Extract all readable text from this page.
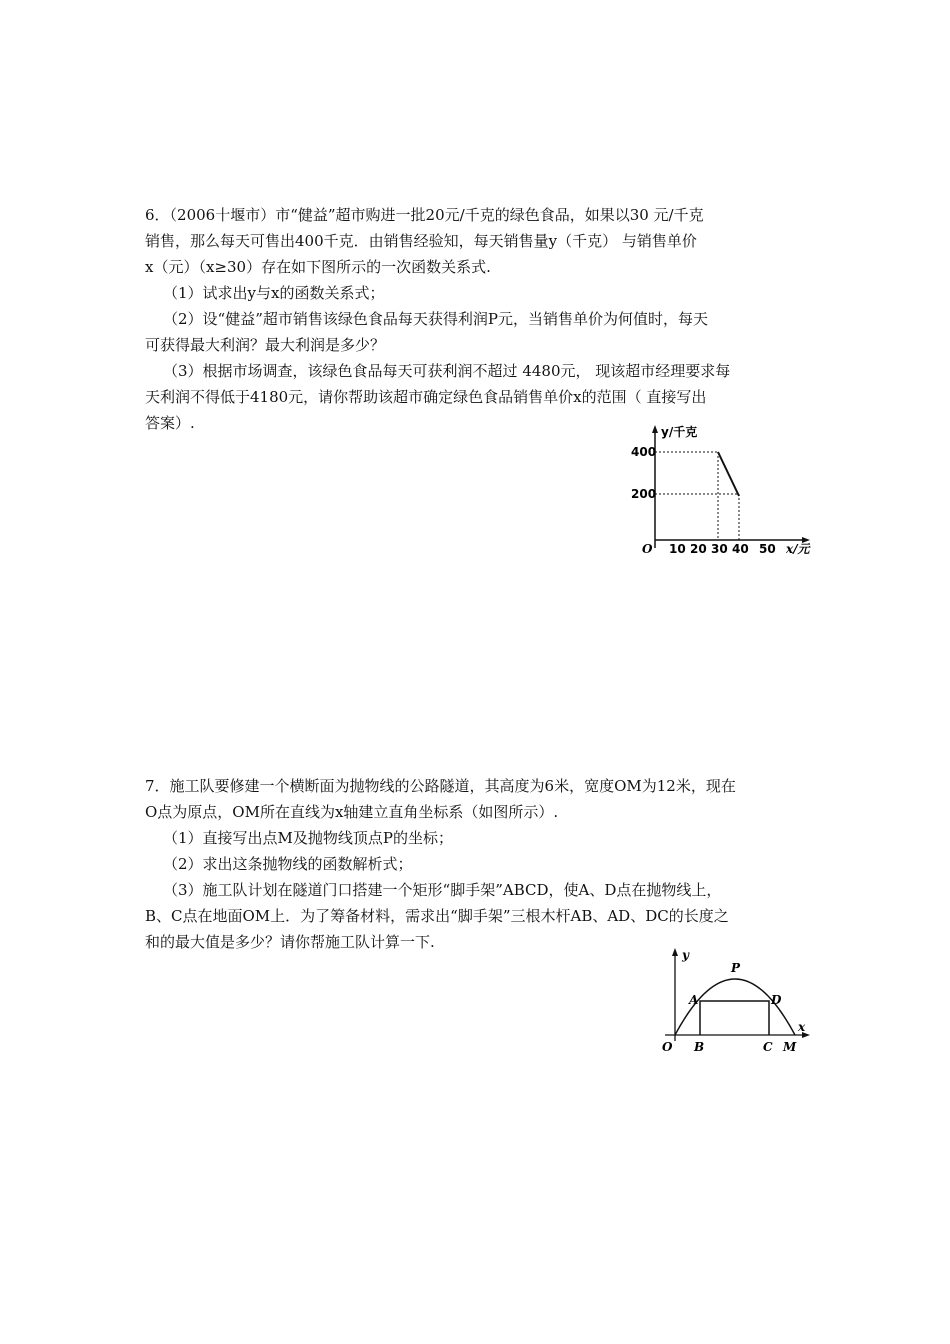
6．（2006十堰市）市“健益”超市购进一批20元/千克的绿色食品，如果以30 元/千克
销售，那么每天可售出400千克．由销售经验知，每天销售量y（千克） 与销售单价
x（元）（x≥30）存在如下图所示的一次函数关系式.
（1）试求出y与x的函数关系式；
（2）设“健益”超市销售该绿色食品每天获得利润P元，当销售单价为何值时，每天
可获得最大利润？最大利润是多少？
（3）根据市场调查，该绿色食品每天可获利润不超过 4480元， 现该超市经理要求每
天利润不得低于4180元，请你帮助该超市确定绿色食品销售单价x的范围（ 直接写出
答案）.	y/千克
x/元
O
400
200
10 20 30 40 50
7．施工队要修建一个横断面为抛物线的公路隧道，其高度为6米，宽度OM为12米，现在
O点为原点，OM所在直线为x轴建立直角坐标系（如图所示）.
（1）直接写出点M及抛物线顶点P的坐标；
（2）求出这条抛物线的函数解析式；
（3）施工队计划在隧道门口搭建一个矩形“脚手架”ABCD，使A、D点在抛物线上，
B、C点在地面OM上．为了筹备材料，需求出“脚手架”三根木杆AB、AD、DC的长度之
和的最大值是多少？请你帮施工队计算一下.
y
x
O
P
A	D
B	C M
